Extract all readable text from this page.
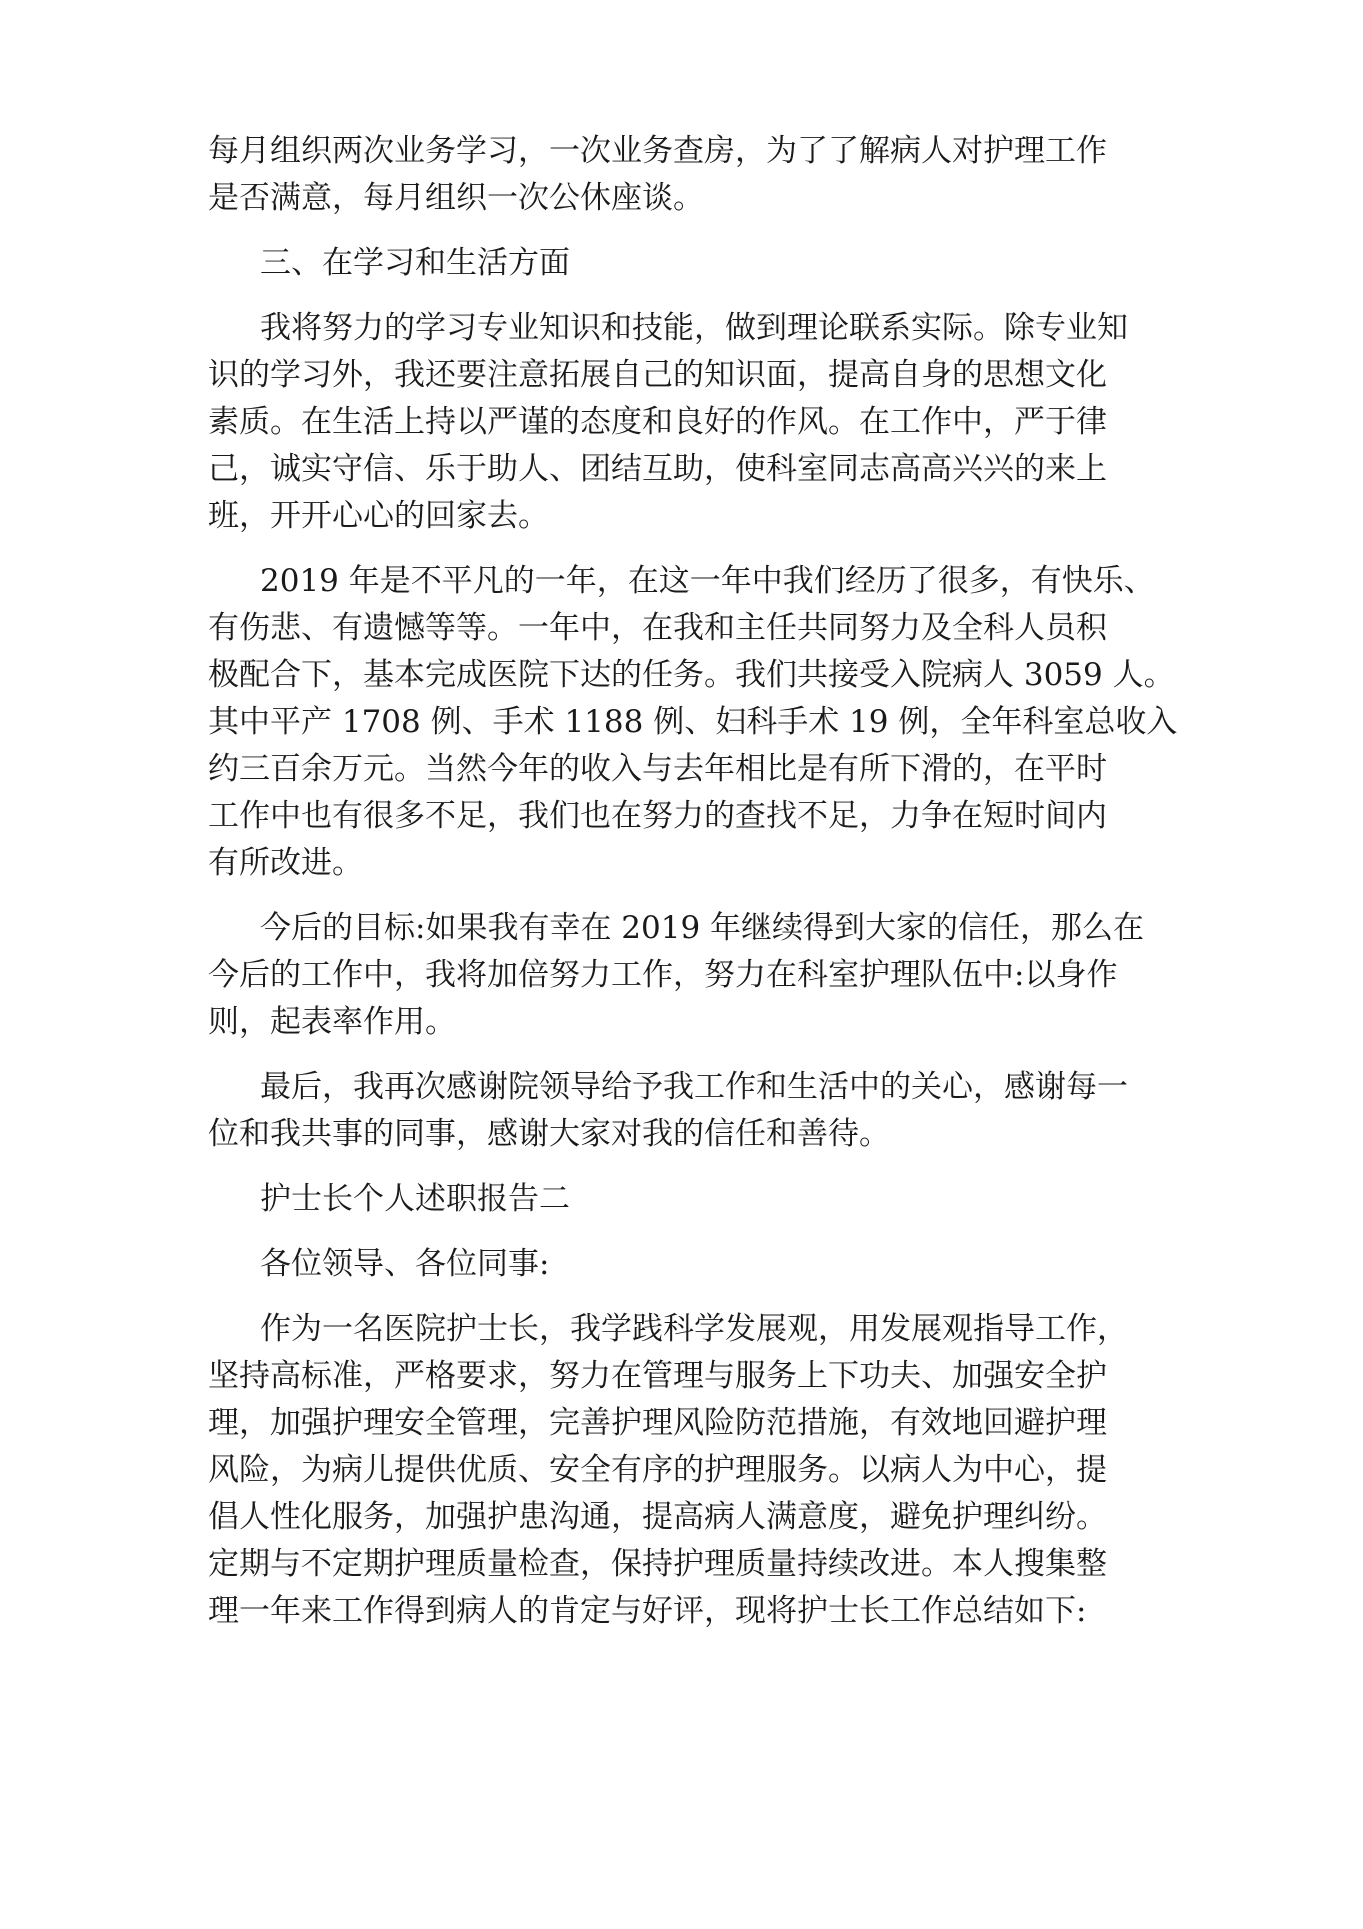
每月组织两次业务学习，一次业务查房，为了了解病人对护理工作
是否满意，每月组织一次公休座谈。
三、在学习和生活方面
我将努力的学习专业知识和技能，做到理论联系实际。除专业知
识的学习外，我还要注意拓展自己的知识面，提高自身的思想文化
素质。在生活上持以严谨的态度和良好的作风。在工作中，严于律
己，诚实守信、乐于助人、团结互助，使科室同志高高兴兴的来上
班，开开心心的回家去。
2019 年是不平凡的一年，在这一年中我们经历了很多，有快乐、
有伤悲、有遗憾等等。一年中，在我和主任共同努力及全科人员积
极配合下，基本完成医院下达的任务。我们共接受入院病人 3059 人。
其中平产 1708 例、手术 1188 例、妇科手术 19 例，全年科室总收入
约三百余万元。当然今年的收入与去年相比是有所下滑的，在平时
工作中也有很多不足，我们也在努力的查找不足，力争在短时间内
有所改进。
今后的目标:如果我有幸在 2019 年继续得到大家的信任，那么在
今后的工作中，我将加倍努力工作，努力在科室护理队伍中:以身作
则，起表率作用。
最后，我再次感谢院领导给予我工作和生活中的关心，感谢每一
位和我共事的同事，感谢大家对我的信任和善待。
护士长个人述职报告二
各位领导、各位同事:
作为一名医院护士长，我学践科学发展观，用发展观指导工作，
坚持高标准，严格要求，努力在管理与服务上下功夫、加强安全护
理，加强护理安全管理，完善护理风险防范措施，有效地回避护理
风险，为病儿提供优质、安全有序的护理服务。以病人为中心，提
倡人性化服务，加强护患沟通，提高病人满意度，避免护理纠纷。
定期与不定期护理质量检查，保持护理质量持续改进。本人搜集整
理一年来工作得到病人的肯定与好评，现将护士长工作总结如下:
